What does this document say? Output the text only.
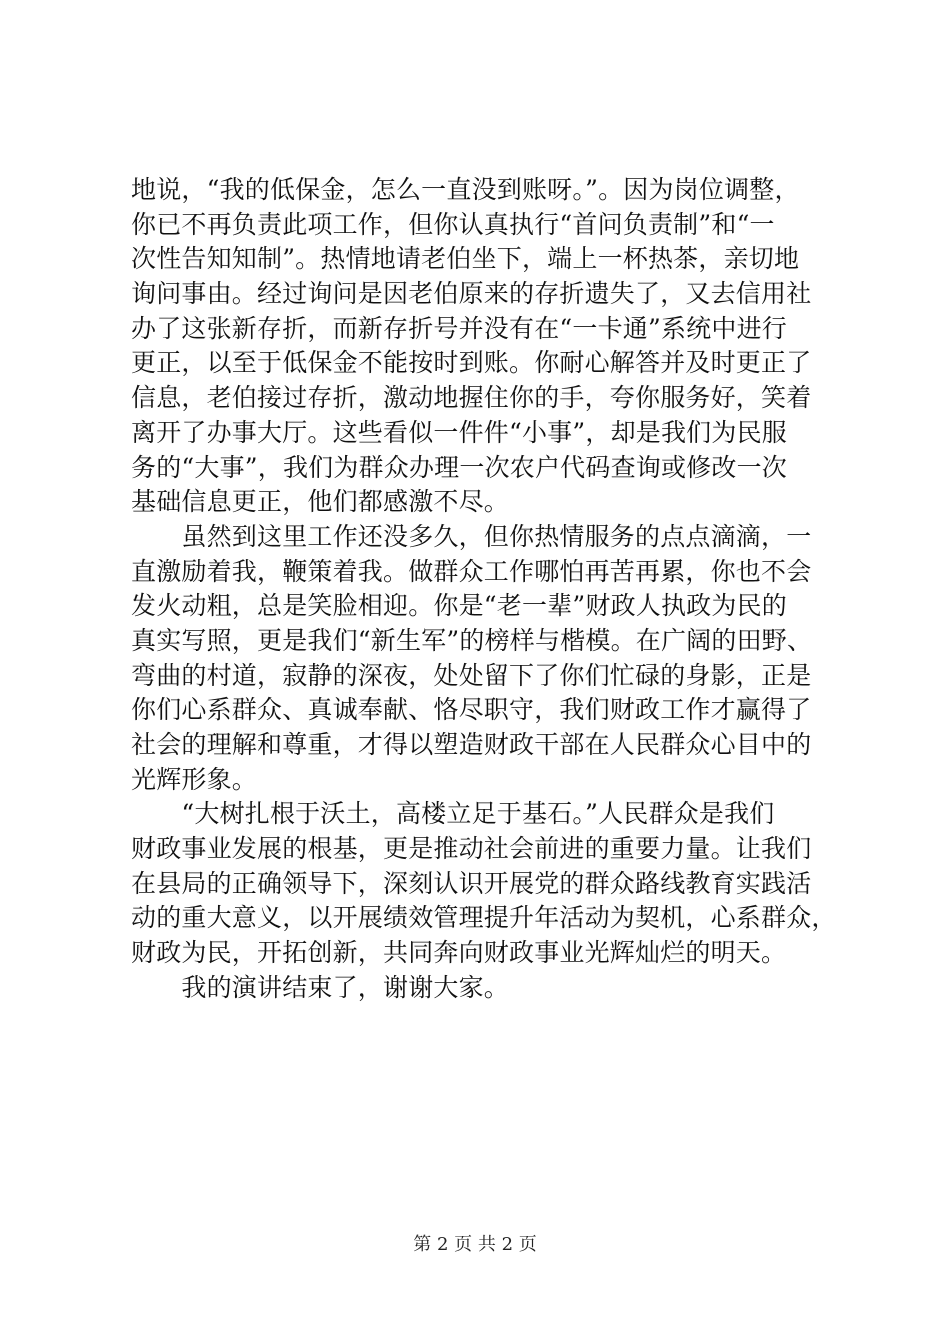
地说，“我的低保金，怎么一直没到账呀。”。因为岗位调整，
你已不再负责此项工作，但你认真执行“首问负责制”和“一
次性告知知制”。热情地请老伯坐下，端上一杯热茶，亲切地
询问事由。经过询问是因老伯原来的存折遗失了，又去信用社
办了这张新存折，而新存折号并没有在“一卡通”系统中进行
更正，以至于低保金不能按时到账。你耐心解答并及时更正了
信息，老伯接过存折，激动地握住你的手，夸你服务好，笑着
离开了办事大厅。这些看似一件件“小事”，却是我们为民服
务的“大事”，我们为群众办理一次农户代码查询或修改一次
基础信息更正，他们都感激不尽。
　　虽然到这里工作还没多久，但你热情服务的点点滴滴，一
直激励着我，鞭策着我。做群众工作哪怕再苦再累，你也不会
发火动粗，总是笑脸相迎。你是“老一辈”财政人执政为民的
真实写照，更是我们“新生军”的榜样与楷模。在广阔的田野、
弯曲的村道，寂静的深夜，处处留下了你们忙碌的身影，正是
你们心系群众、真诚奉献、恪尽职守，我们财政工作才赢得了
社会的理解和尊重，才得以塑造财政干部在人民群众心目中的
光辉形象。
　　“大树扎根于沃土，高楼立足于基石。”人民群众是我们
财政事业发展的根基，更是推动社会前进的重要力量。让我们
在县局的正确领导下，深刻认识开展党的群众路线教育实践活
动的重大意义，以开展绩效管理提升年活动为契机，心系群众，
财政为民，开拓创新，共同奔向财政事业光辉灿烂的明天。
　　我的演讲结束了，谢谢大家。
第 2 页 共 2 页
